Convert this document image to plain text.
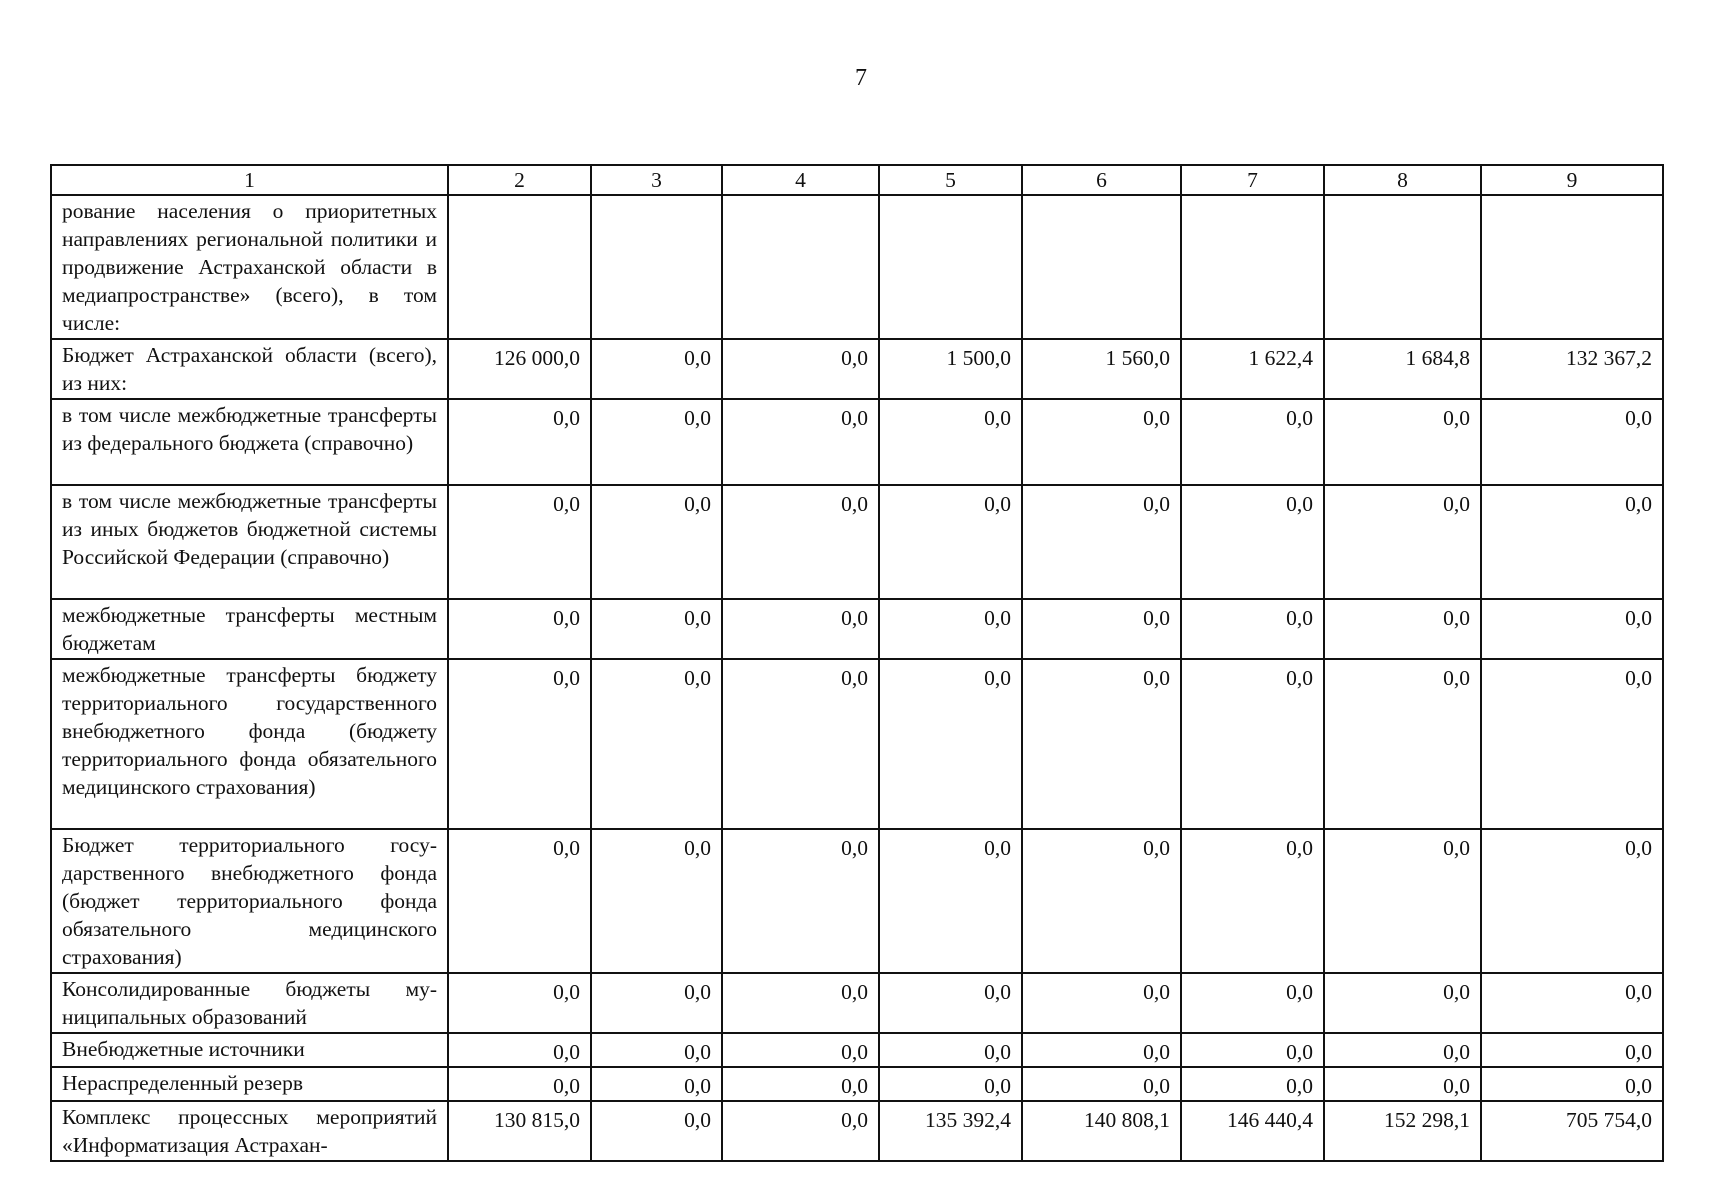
7
1	2	3	4	5	6	7	8	9
рование населения о приоритетных направлениях региональной политики и продвижение Астраханской области в медиапространстве» (всего), в том числе:								
Бюджет Астраханской области (всего), из них:	126 000,0	0,0	0,0	1 500,0	1 560,0	1 622,4	1 684,8	132 367,2
в том числе межбюджетные трансферты из федерального бюджета (справочно)	0,0	0,0	0,0	0,0	0,0	0,0	0,0	0,0
в том числе межбюджетные трансферты из иных бюджетов бюджетной системы Российской Федерации (справочно)	0,0	0,0	0,0	0,0	0,0	0,0	0,0	0,0
межбюджетные трансферты местным бюджетам	0,0	0,0	0,0	0,0	0,0	0,0	0,0	0,0
межбюджетные трансферты бюджету территориального государственного внебюджетного фонда (бюджету территориального фонда обязательного медицинского страхования)	0,0	0,0	0,0	0,0	0,0	0,0	0,0	0,0
Бюджет территориального государственного внебюджетного фонда (бюджет территориального фонда обязательного медицинского страхования)	0,0	0,0	0,0	0,0	0,0	0,0	0,0	0,0
Консолидированные бюджеты муниципальных образований	0,0	0,0	0,0	0,0	0,0	0,0	0,0	0,0
Внебюджетные источники	0,0	0,0	0,0	0,0	0,0	0,0	0,0	0,0
Нераспределенный резерв	0,0	0,0	0,0	0,0	0,0	0,0	0,0	0,0
Комплекс процессных мероприятий «Информатизация Астрахан-	130 815,0	0,0	0,0	135 392,4	140 808,1	146 440,4	152 298,1	705 754,0
